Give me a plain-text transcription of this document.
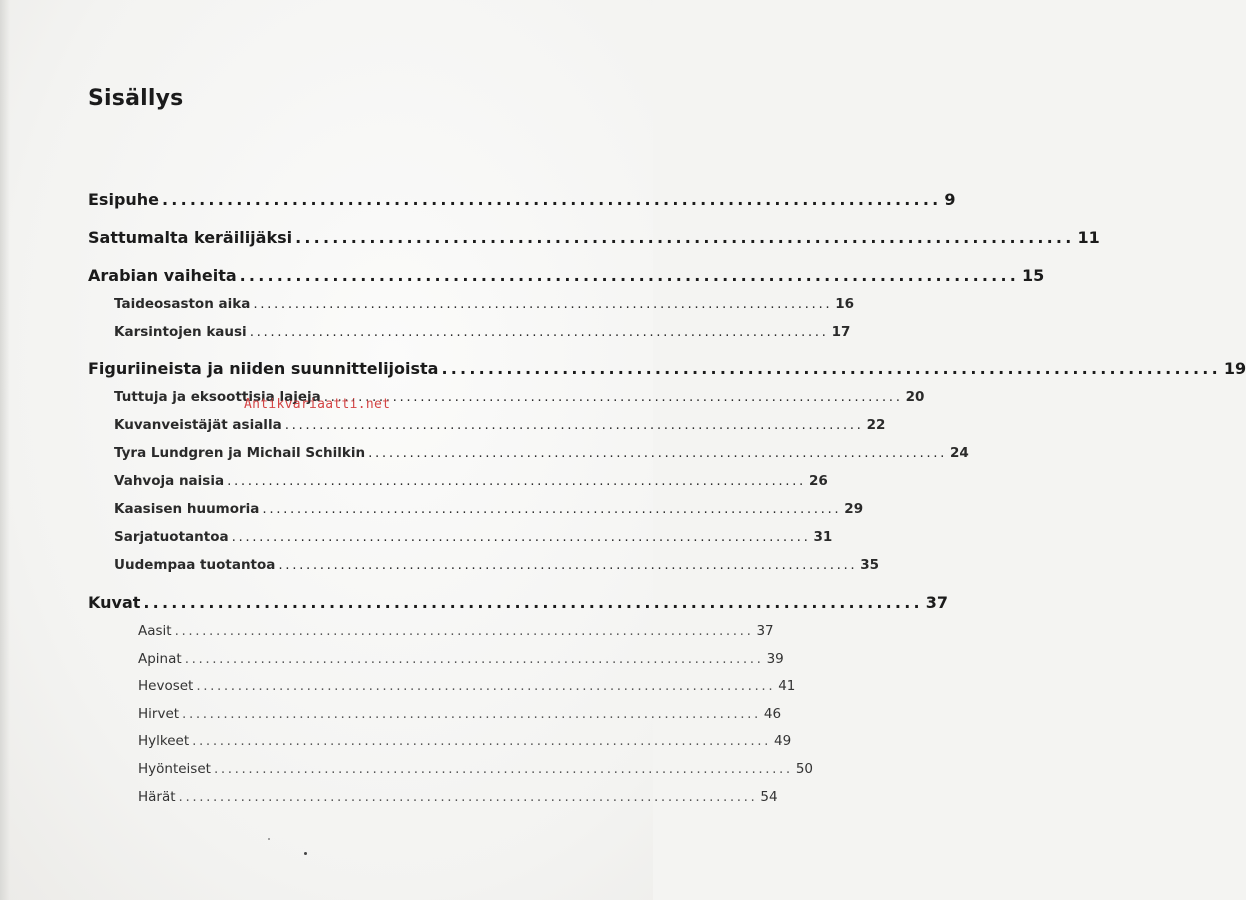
Sisällys
Esipuhe .................................................................................... 9
Sattumalta keräilijäksi .................................................................................... 11
Arabian vaiheita .................................................................................... 15
Taideosaston aika .................................................................................... 16
Karsintojen kausi .................................................................................... 17
Figuriineista ja niiden suunnittelijoista .................................................................................... 19
Tuttuja ja eksoottisia lajeja .................................................................................... 20
Kuvanveistäjät asialla .................................................................................... 22
Tyra Lundgren ja Michail Schilkin .................................................................................... 24
Vahvoja naisia .................................................................................... 26
Kaasisen huumoria .................................................................................... 29
Sarjatuotantoa .................................................................................... 31
Uudempaa tuotantoa .................................................................................... 35
Kuvat .................................................................................... 37
Aasit .................................................................................... 37
Apinat .................................................................................... 39
Hevoset .................................................................................... 41
Hirvet .................................................................................... 46
Hylkeet .................................................................................... 49
Hyönteiset .................................................................................... 50
Härät .................................................................................... 54
Antikvariaatti.net
